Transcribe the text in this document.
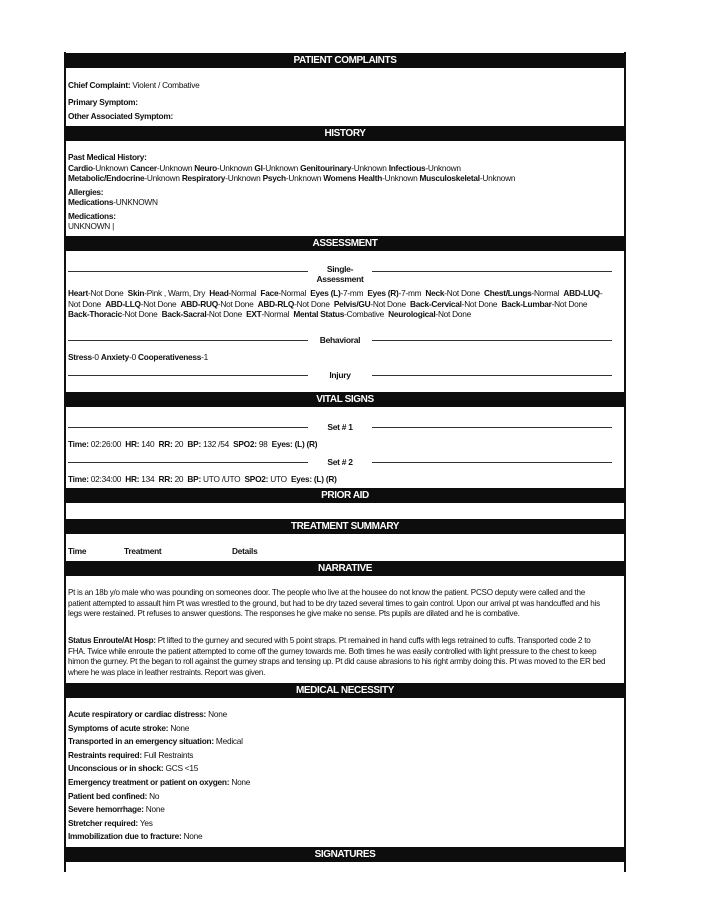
PATIENT COMPLAINTS
Chief Complaint: Violent / Combative
Primary Symptom:
Other Associated Symptom:
HISTORY
Past Medical History:
Cardio-Unknown Cancer-Unknown Neuro-Unknown GI-Unknown Genitourinary-Unknown Infectious-Unknown
Metabolic/Endocrine-Unknown Respiratory-Unknown Psych-Unknown Womens Health-Unknown Musculoskeletal-Unknown
Allergies:
Medications-UNKNOWN
Medications:
UNKNOWN |
ASSESSMENT
Single-
Assessment
Heart-Not Done Skin-Pink , Warm, Dry Head-Normal Face-Normal Eyes (L)-7-mm Eyes (R)-7-mm Neck-Not Done Chest/Lungs-Normal ABD-LUQ-Not Done ABD-LLQ-Not Done ABD-RUQ-Not Done ABD-RLQ-Not Done Pelvis/GU-Not Done Back-Cervical-Not Done Back-Lumbar-Not Done  Back-Thoracic-Not Done Back-Sacral-Not Done EXT-Normal Mental Status-Combative Neurological-Not Done
Behavioral
Stress-0 Anxiety-0 Cooperativeness-1
Injury
VITAL SIGNS
Set # 1
Time: 02:26:00 HR: 140 RR: 20 BP: 132 /54 SPO2: 98 Eyes: (L) (R)
Set # 2
Time: 02:34:00 HR: 134 RR: 20 BP: UTO /UTO SPO2: UTO Eyes: (L) (R)
PRIOR AID
TREATMENT SUMMARY
Time	Treatment	Details
NARRATIVE
Pt is an 18b y/o male who was pounding on someones door. The people who live at the housee do not know the patient. PCSO deputy were called and the patient attempted to assault him Pt was wrestled to the ground, but had to be dry tazed several times to gain control. Upon our arrival pt was handcuffed and his legs were restained. Pt refuses to answer questions. The responses he give make no sense. Pts pupils are dilated and he is combative.
Status Enroute/At Hosp: Pt lifted to the gurney and secured with 5 point straps. Pt remained in hand cuffs with legs retrained to cuffs. Transported code 2 to FHA. Twice while enroute the patient attempted to come off the gurney towards me. Both times he was easily controlled with light pressure to the chest to keep himon the gurney. Pt the began to roll against the gurney straps and tensing up. Pt did cause abrasions to his right armby doing this. Pt was moved to the ER bed where he was place in leather restraints. Report was given.
MEDICAL NECESSITY
Acute respiratory or cardiac distress: None
Symptoms of acute stroke: None
Transported in an emergency situation: Medical
Restraints required: Full Restraints
Unconscious or in shock: GCS <15
Emergency treatment or patient on oxygen: None
Patient bed confined: No
Severe hemorrhage: None
Stretcher required: Yes
Immobilization due to fracture: None
SIGNATURES
